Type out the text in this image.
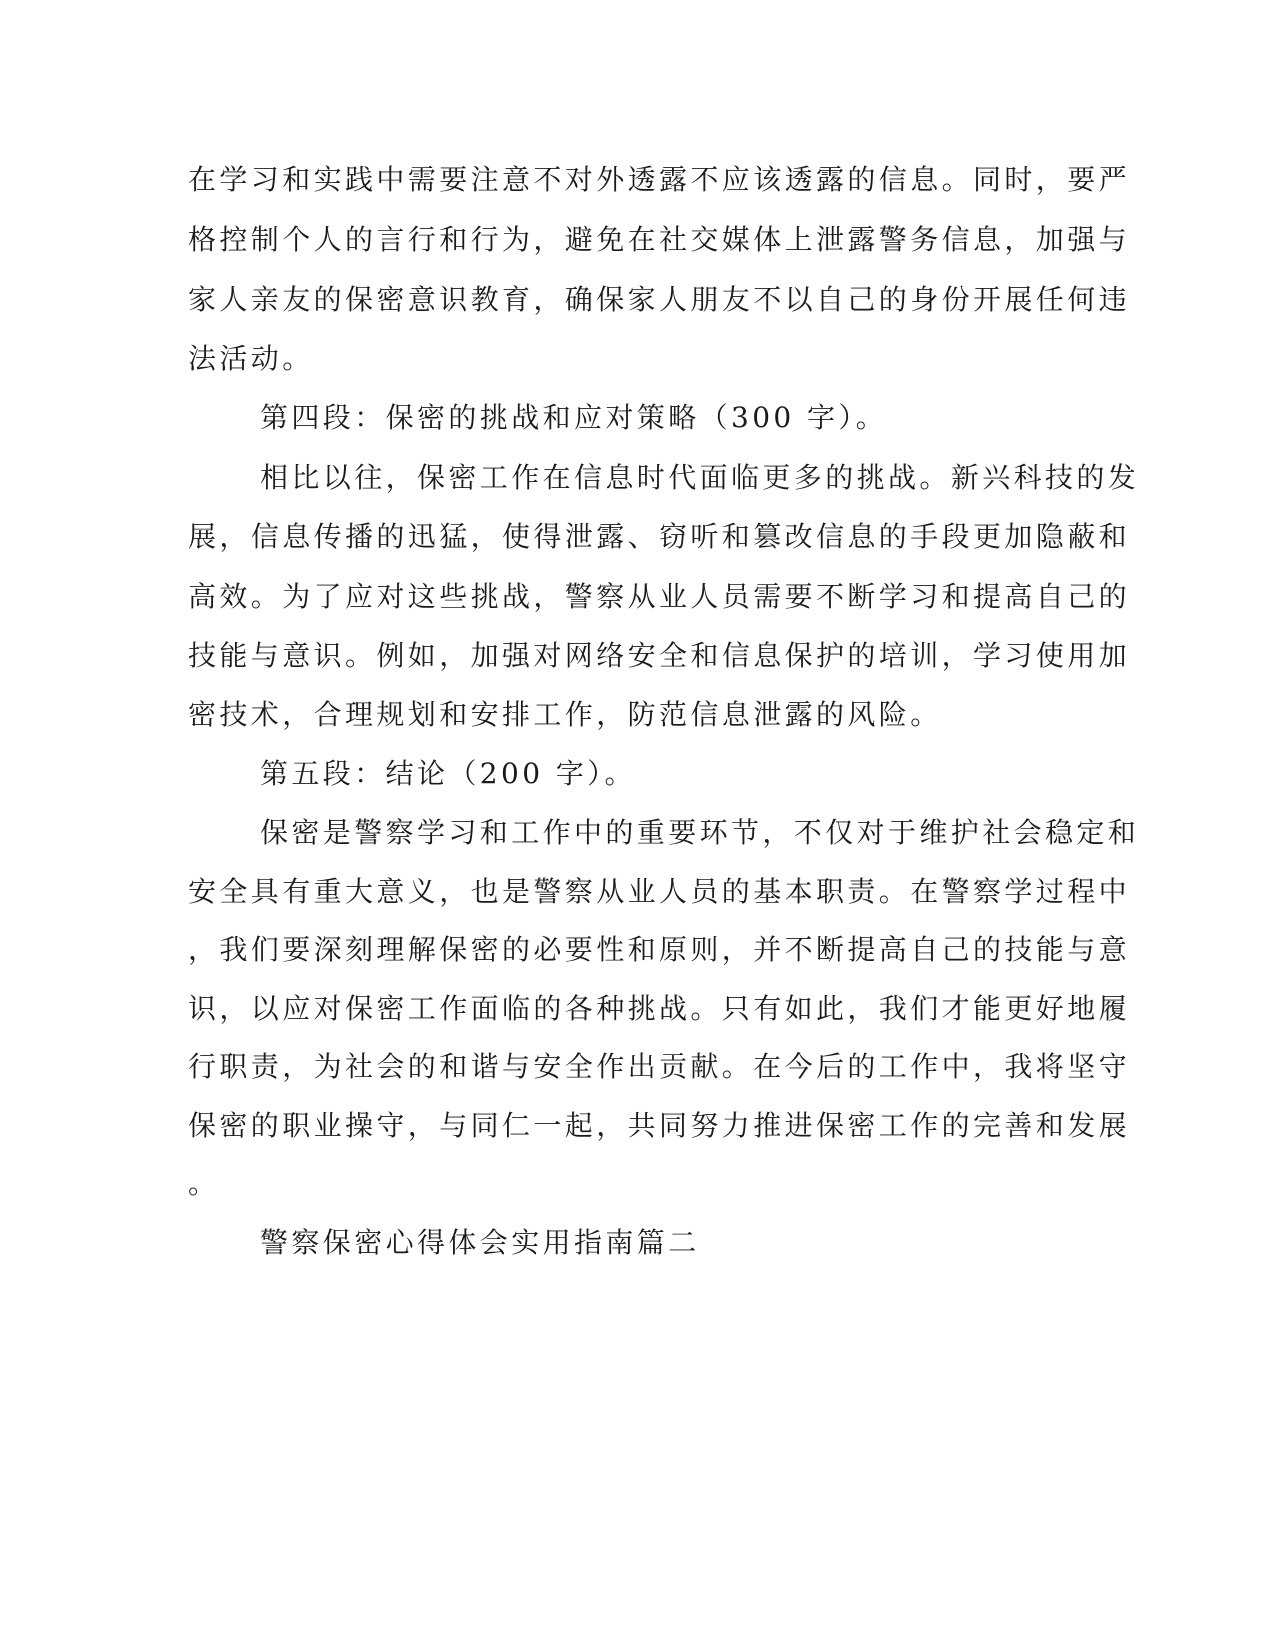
在学习和实践中需要注意不对外透露不应该透露的信息。同时，要严
格控制个人的言行和行为，避免在社交媒体上泄露警务信息，加强与
家人亲友的保密意识教育，确保家人朋友不以自己的身份开展任何违
法活动。
第四段：保密的挑战和应对策略（300 字）。
相比以往，保密工作在信息时代面临更多的挑战。新兴科技的发
展，信息传播的迅猛，使得泄露、窃听和篡改信息的手段更加隐蔽和
高效。为了应对这些挑战，警察从业人员需要不断学习和提高自己的
技能与意识。例如，加强对网络安全和信息保护的培训，学习使用加
密技术，合理规划和安排工作，防范信息泄露的风险。
第五段：结论（200 字）。
保密是警察学习和工作中的重要环节，不仅对于维护社会稳定和
安全具有重大意义，也是警察从业人员的基本职责。在警察学过程中
，我们要深刻理解保密的必要性和原则，并不断提高自己的技能与意
识，以应对保密工作面临的各种挑战。只有如此，我们才能更好地履
行职责，为社会的和谐与安全作出贡献。在今后的工作中，我将坚守
保密的职业操守，与同仁一起，共同努力推进保密工作的完善和发展
。
警察保密心得体会实用指南篇二
